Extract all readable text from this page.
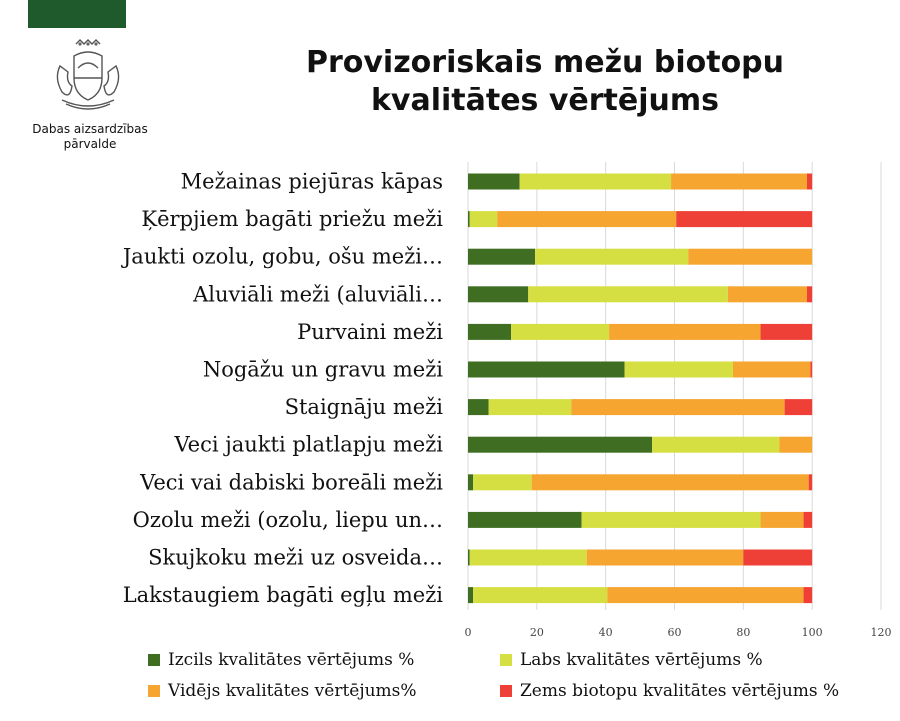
Dabas aizsardzības
pārvalde
Provizoriskais mežu biotopu
kvalitātes vērtējums
0	20	40	60	80	100	120
Mežainas piejūras kāpas
Ķērpjiem bagāti priežu meži
Jaukti ozolu, gobu, ošu meži…
Aluviāli meži (aluviāli…
Purvaini meži
Nogāžu un gravu meži
Staignāju meži
Veci jaukti platlapju meži
Veci vai dabiski boreāli meži
Ozolu meži (ozolu, liepu un…
Skujkoku meži uz osveida…
Lakstaugiem bagāti egļu meži
Izcils kvalitātes vērtējums %	Labs kvalitātes vērtējums %
Vidējs kvalitātes vērtējums%	Zems biotopu kvalitātes vērtējums %
